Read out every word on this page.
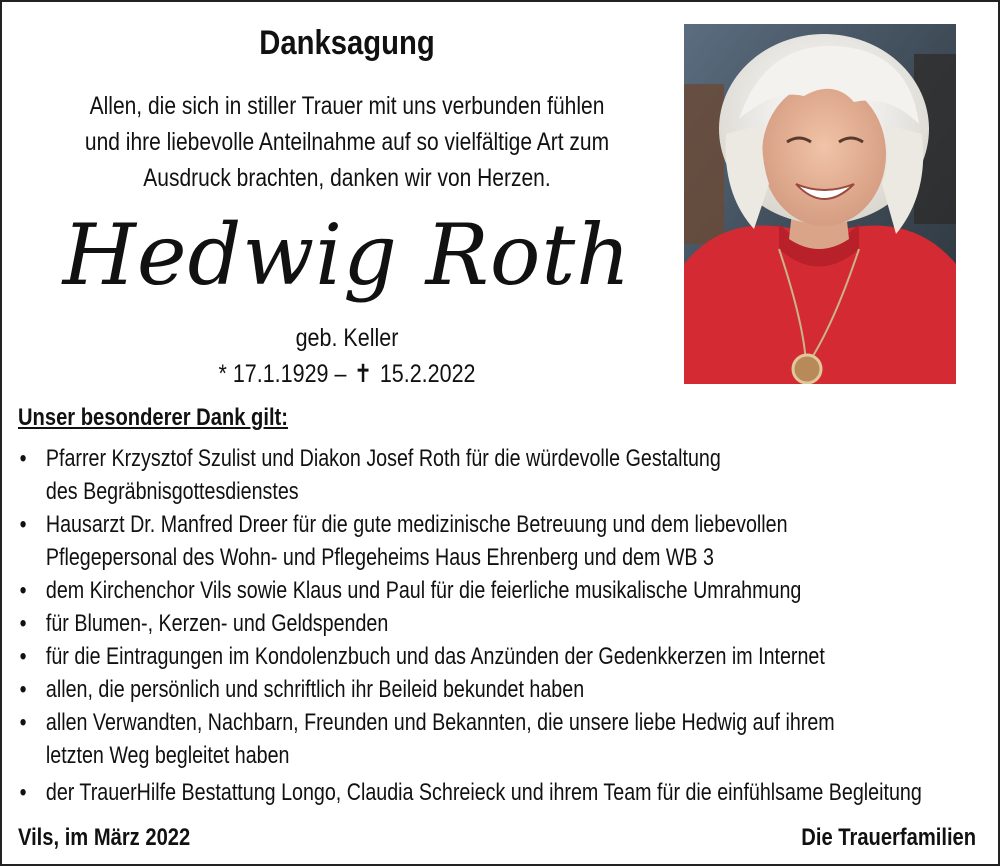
Danksagung
Allen, die sich in stiller Trauer mit uns verbunden fühlen
und ihre liebevolle Anteilnahme auf so vielfältige Art zum
Ausdruck brachten, danken wir von Herzen.
Hedwig Roth
geb. Keller
* 17.1.1929 – ✝ 15.2.2022
Unser besonderer Dank gilt:
• Pfarrer Krzysztof Szulist und Diakon Josef Roth für die würdevolle Gestaltung
des Begräbnisgottesdienstes
• Hausarzt Dr. Manfred Dreer für die gute medizinische Betreuung und dem liebevollen
Pflegepersonal des Wohn- und Pflegeheims Haus Ehrenberg und dem WB 3
• dem Kirchenchor Vils sowie Klaus und Paul für die feierliche musikalische Umrahmung
• für Blumen-, Kerzen- und Geldspenden
• für die Eintragungen im Kondolenzbuch und das Anzünden der Gedenkkerzen im Internet
• allen, die persönlich und schriftlich ihr Beileid bekundet haben
• allen Verwandten, Nachbarn, Freunden und Bekannten, die unsere liebe Hedwig auf ihrem
letzten Weg begleitet haben
• der TrauerHilfe Bestattung Longo, Claudia Schreieck und ihrem Team für die einfühlsame Begleitung
Vils, im März 2022	Die Trauerfamilien
